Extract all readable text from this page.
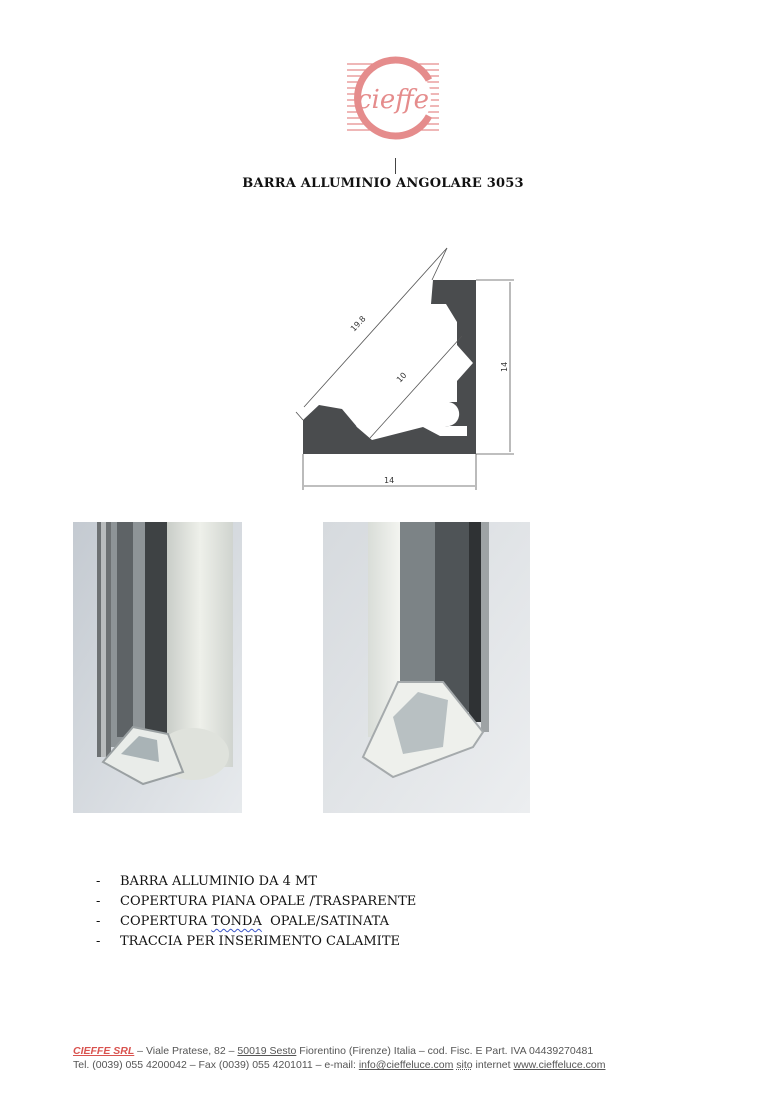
cieffe
BARRA ALLUMINIO ANGOLARE 3053
19.8
10
14
14
-	BARRA ALLUMINIO DA 4 MT
-	COPERTURA PIANA OPALE /TRASPARENTE
-	COPERTURA TONDA  OPALE/SATINATA
-	TRACCIA PER INSERIMENTO CALAMITE
CIEFFE SRL – Viale Pratese, 82 – 50019 Sesto Fiorentino (Firenze) Italia – cod. Fisc. E Part. IVA 04439270481
Tel. (0039) 055 4200042 – Fax (0039) 055 4201011 – e-mail: info@cieffeluce.com sito internet www.cieffeluce.com
